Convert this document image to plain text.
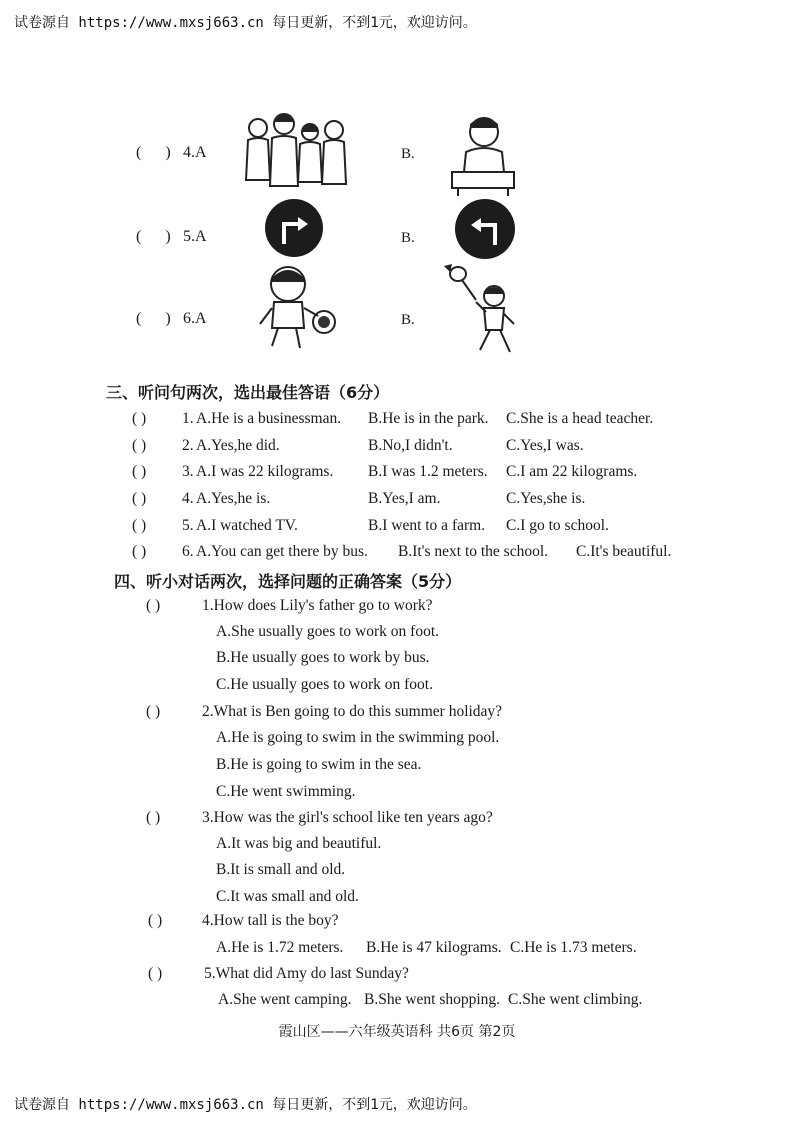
试卷源自 https://www.mxsj663.cn 每日更新，不到1元，欢迎访问。
(      ) 4.A	B.
(      ) 5.A	B.
(      ) 6.A	B.
三、听问句两次，选出最佳答语（6分）
( ) 1. A.He is a businessman. B.He is in the park. C.She is a head teacher.
( ) 2. A.Yes,he did.	B.No,I didn't.	C.Yes,I was.
( ) 3. A.I was 22 kilograms. B.I was 1.2 meters. C.I am 22 kilograms.
( ) 4. A.Yes,he is.	B.Yes,I am.	C.Yes,she is.
( ) 5. A.I watched TV.	B.I went to a farm. C.I go to school.
( ) 6. A.You can get there by bus. B.It's next to the school. C.It's beautiful.
四、听小对话两次，选择问题的正确答案（5分）
( )	1.How does Lily's father go to work?
A.She usually goes to work on foot.
B.He usually goes to work by bus.
C.He usually goes to work on foot.
( )	2.What is Ben going to do this summer holiday?
A.He is going to swim in the swimming pool.
B.He is going to swim in the sea.
C.He went swimming.
( )	3.How was the girl's school like ten years ago?
A.It was big and beautiful.
B.It is small and old.
C.It was small and old.
( )	4.How tall is the boy?
A.He is 1.72 meters. B.He is 47 kilograms. C.He is 1.73 meters.
( )	5.What did Amy do last Sunday?
A.She went camping. B.She went shopping. C.She went climbing.
霞山区——六年级英语科 共6页 第2页
试卷源自 https://www.mxsj663.cn 每日更新，不到1元，欢迎访问。
